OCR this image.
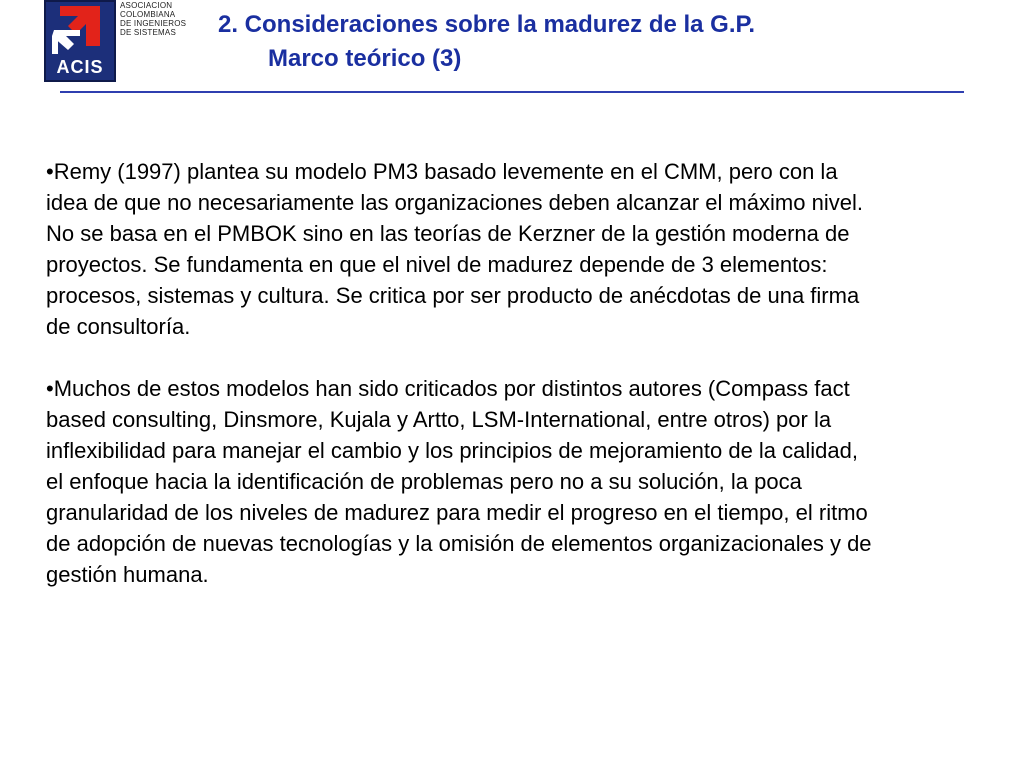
ACIS
ASOCIACION
COLOMBIANA
DE INGENIEROS
DE SISTEMAS	2. Consideraciones sobre la madurez de la G.P.
Marco teórico (3)

•Remy (1997) plantea su modelo PM3 basado levemente en el CMM, pero con la idea de que no necesariamente las organizaciones deben alcanzar el máximo nivel. No se basa en el PMBOK sino en las teorías de Kerzner de la gestión moderna de proyectos. Se fundamenta en que el nivel de madurez depende de 3 elementos: procesos, sistemas y cultura. Se critica por ser producto de anécdotas de una firma de consultoría.

•Muchos de estos modelos han sido criticados por distintos autores (Compass fact based consulting, Dinsmore, Kujala y Artto, LSM-International, entre otros) por la inflexibilidad para manejar el cambio y los principios de mejoramiento de la calidad, el enfoque hacia la identificación de problemas pero no a su solución, la poca granularidad de los niveles de madurez para medir el progreso en el tiempo, el ritmo de adopción de nuevas tecnologías y la omisión de elementos organizacionales y de gestión humana.
